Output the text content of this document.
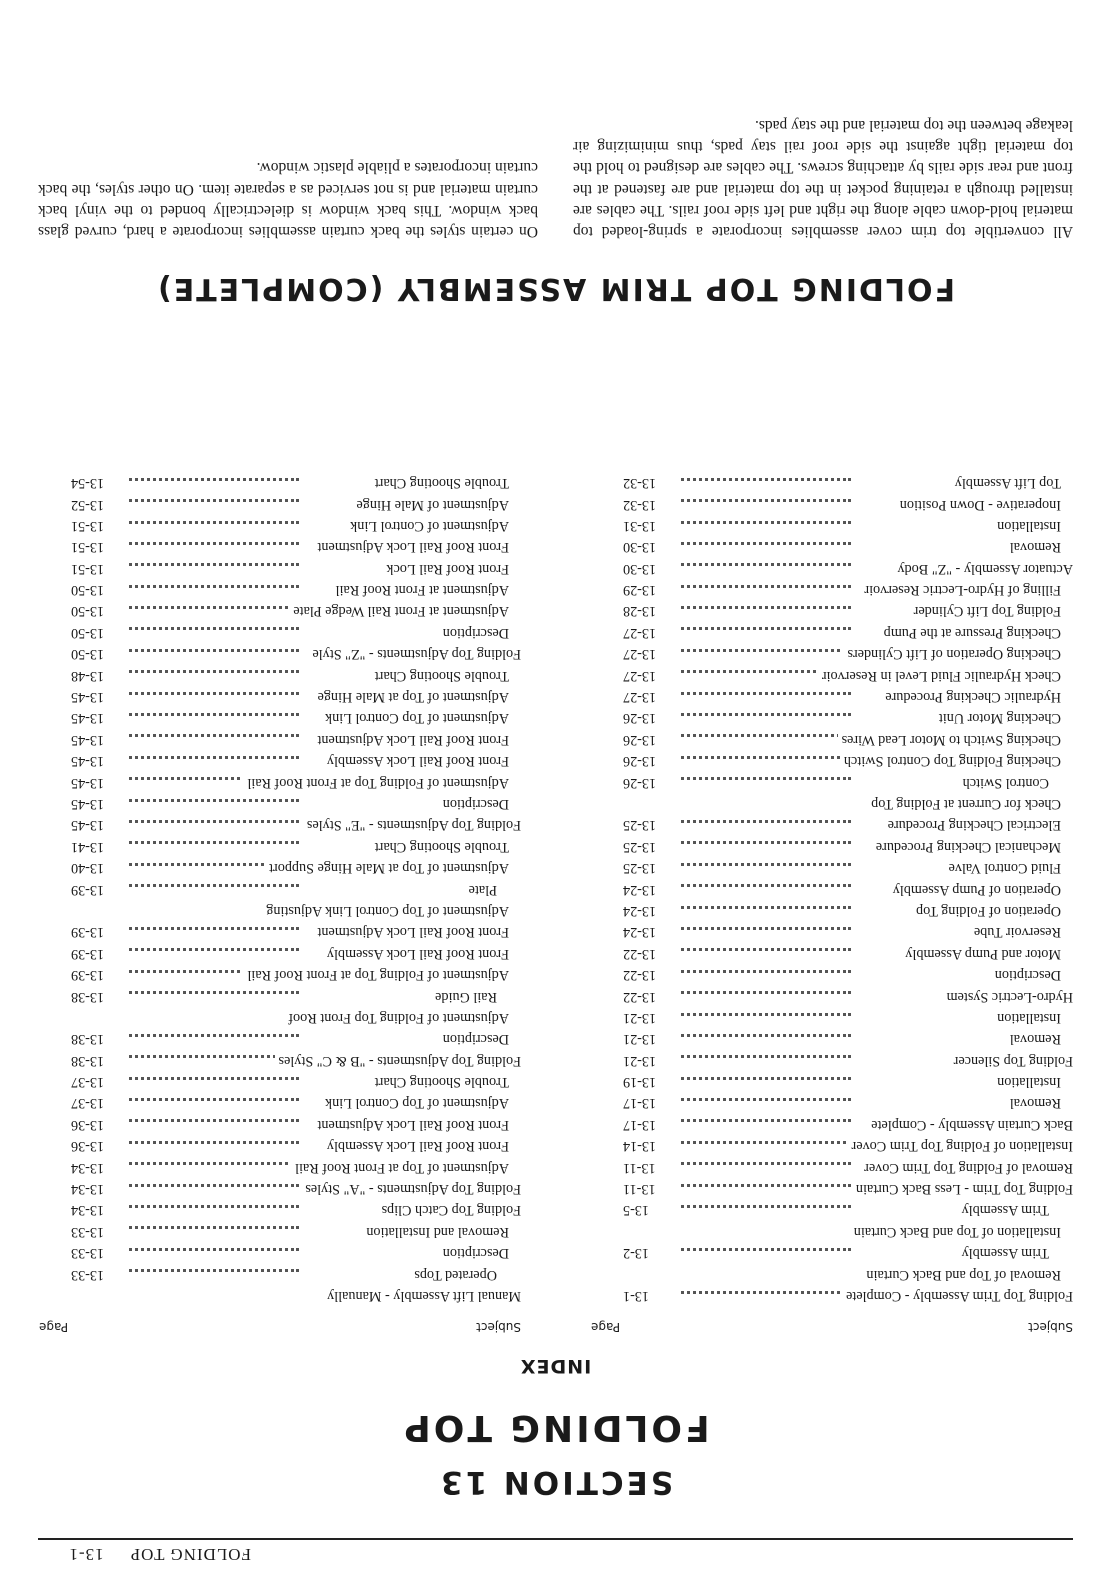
FOLDING TOP13-1
SECTION 13
FOLDING TOP
INDEX
Subject
Page
Folding Top Trim Assembly - Complete
13-1
Removal of Top and Back Curtain
Trim Assembly
13-2
Installation of Top and Back Curtain
Trim Assembly
13-5
Folding Top Trim - Less Back Curtain
13-11
Removal of Folding Top Trim Cover
13-11
Installation of Folding Top Trim Cover
13-14
Back Curtain Assembly - Complete
13-17
Removal
13-17
Installation
13-19
Folding Top Silencer
13-21
Removal
13-21
Installation
13-21
Hydro-Lectric System
13-22
Description
13-22
Motor and Pump Assembly
13-22
Reservoir Tube
13-24
Operation of Folding Top
13-24
Operation of Pump Assembly
13-24
Fluid Control Valve
13-25
Mechanical Checking Procedure
13-25
Electrical Checking Procedure
13-25
Check for Current at Folding Top
Control Switch
13-26
Checking Folding Top Control Switch
13-26
Checking Switch to Motor Lead Wires
13-26
Checking Motor Unit
13-26
Hydraulic Checking Procedure
13-27
Check Hydraulic Fluid Level in Reservoir
13-27
Checking Operation of Lift Cylinders
13-27
Checking Pressure at the Pump
13-27
Folding Top Lift Cylinder
13-28
Filling of Hydro-Lectric Reservoir
13-29
Actuator Assembly - "Z" Body
13-30
Removal
13-30
Installation
13-31
Inoperative - Down Position
13-32
Top Lift Assembly
13-32
Subject
Page
Manual Lift Assembly - Manually
Operated Tops
13-33
Description
13-33
Removal and Installation
13-33
Folding Top Catch Clips
13-34
Folding Top Adjustments - "A" Styles
13-34
Adjustment of Top at Front Roof Rail
13-34
Front Roof Rail Lock Assembly
13-36
Front Roof Rail Lock Adjustment
13-36
Adjustment of Top Control Link
13-37
Trouble Shooting Chart
13-37
Folding Top Adjustments - "B & C" Styles
13-38
Description
13-38
Adjustment of Folding Top Front Roof
Rail Guide
13-38
Adjustment of Folding Top at Front Roof Rail
13-39
Front Roof Rail Lock Assembly
13-39
Front Roof Rail Lock Adjustment
13-39
Adjustment of Top Control Link Adjusting
Plate
13-39
Adjustment of Top at Male Hinge Support
13-40
Trouble Shooting Chart
13-41
Folding Top Adjustments - "E" Styles
13-45
Description
13-45
Adjustment of Folding Top at Front Roof Rail
13-45
Front Roof Rail Lock Assembly
13-45
Front Roof Rail Lock Adjustment
13-45
Adjustment of Top Control Link
13-45
Adjustment of Top at Male Hinge
13-45
Trouble Shooting Chart
13-48
Folding Top Adjustments - "Z" Style
13-50
Description
13-50
Adjustment at Front Rail Wedge Plate
13-50
Adjustment at Front Roof Rail
13-50
Front Roof Rail Lock
13-51
Front Roof Rail Lock Adjustment
13-51
Adjustment of Control Link
13-51
Adjustment of Male Hinge
13-52
Trouble Shooting Chart
13-54
FOLDING TOP TRIM ASSEMBLY (COMPLETE)

All convertible top trim cover assemblies incorporate a spring-loaded top material hold-down cable along the right and left side roof rails. The cables are installed through a retaining pocket in the top material and are fastened at the front and rear side rails by attaching screws. The cables are designed to hold the top material tight against the side roof rail stay pads, thus minimizing air leakage between the top material and the stay pads.

On certain styles the back curtain assemblies incorporate a hard, curved glass back window. This back window is dielectrically bonded to the vinyl back curtain material and is not serviced as a separate item. On other styles, the back curtain incorporates a pliable plastic window.
